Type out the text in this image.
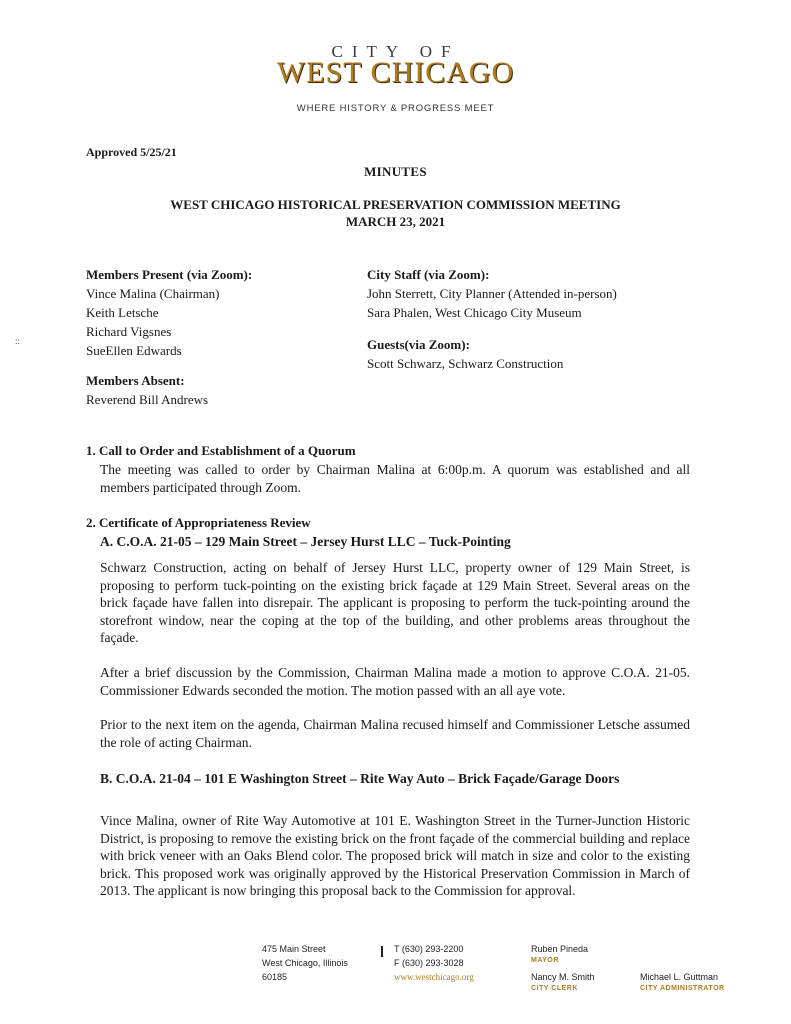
CITY OF
WEST CHICAGO
WHERE HISTORY & PROGRESS MEET
Approved 5/25/21
MINUTES
WEST CHICAGO HISTORICAL PRESERVATION COMMISSION MEETING
MARCH 23, 2021
::
Members Present (via Zoom):
Vince Malina (Chairman)
Keith Letsche
Richard Vigsnes
SueEllen Edwards
Members Absent:
Reverend Bill Andrews
City Staff (via Zoom):
John Sterrett, City Planner (Attended in-person)
Sara Phalen, West Chicago City Museum
Guests(via Zoom):
Scott Schwarz, Schwarz Construction
1. Call to Order and Establishment of a Quorum
The meeting was called to order by Chairman Malina at 6:00p.m. A quorum was established and all members participated through Zoom.
2. Certificate of Appropriateness Review
A. C.O.A. 21-05 – 129 Main Street – Jersey Hurst LLC – Tuck-Pointing
Schwarz Construction, acting on behalf of Jersey Hurst LLC, property owner of 129 Main Street, is proposing to perform tuck-pointing on the existing brick façade at 129 Main Street. Several areas on the brick façade have fallen into disrepair. The applicant is proposing to perform the tuck-pointing around the storefront window, near the coping at the top of the building, and other problems areas throughout the façade.
After a brief discussion by the Commission, Chairman Malina made a motion to approve C.O.A. 21-05. Commissioner Edwards seconded the motion. The motion passed with an all aye vote.
Prior to the next item on the agenda, Chairman Malina recused himself and Commissioner Letsche assumed the role of acting Chairman.
B. C.O.A. 21-04 – 101 E Washington Street – Rite Way Auto – Brick Façade/Garage Doors
Vince Malina, owner of Rite Way Automotive at 101 E. Washington Street in the Turner-Junction Historic District, is proposing to remove the existing brick on the front façade of the commercial building and replace with brick veneer with an Oaks Blend color. The proposed brick will match in size and color to the existing brick. This proposed work was originally approved by the Historical Preservation Commission in March of 2013. The applicant is now bringing this proposal back to the Commission for approval.
475 Main Street
West Chicago, Illinois
60185
T (630) 293-2200
F (630) 293-3028
www.westchicago.org
Ruben Pineda
MAYOR
Nancy M. Smith
CITY CLERK
Michael L. Guttman
CITY ADMINISTRATOR
